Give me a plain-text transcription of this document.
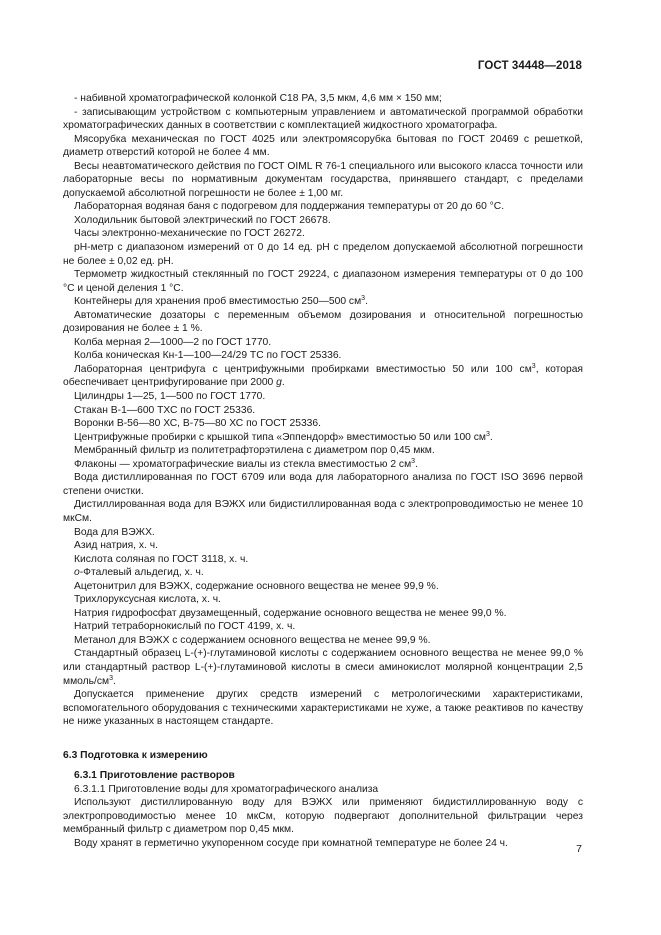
ГОСТ 34448—2018

- набивной хроматографической колонкой С18 РА, 3,5 мкм, 4,6 мм × 150 мм;

- записывающим устройством с компьютерным управлением и автоматической программой обработки хроматографических данных в соответствии с комплектацией жидкостного хроматографа.

Мясорубка механическая по ГОСТ 4025 или электромясорубка бытовая по ГОСТ 20469 с решеткой, диаметр отверстий которой не более 4 мм.

Весы неавтоматического действия по ГОСТ OIML R 76-1 специального или высокого класса точности или лабораторные весы по нормативным документам государства, принявшего стандарт, с пределами допускаемой абсолютной погрешности не более ± 1,00 мг.

Лабораторная водяная баня с подогревом для поддержания температуры от 20 до 60 °С.

Холодильник бытовой электрический по ГОСТ 26678.

Часы электронно-механические по ГОСТ 26272.

рН-метр с диапазоном измерений от 0 до 14 ед. рН с пределом допускаемой абсолютной погрешности не более ± 0,02 ед. рН.

Термометр жидкостный стеклянный по ГОСТ 29224, с диапазоном измерения температуры от 0 до 100 °С и ценой деления 1 °С.

Контейнеры для хранения проб вместимостью 250—500 $см^3$.

Автоматические дозаторы с переменным объемом дозирования и относительной погрешностью дозирования не более ± 1 %.

Колба мерная 2—1000—2 по ГОСТ 1770.

Колба коническая Кн-1—100—24/29 ТС по ГОСТ 25336.

Лабораторная центрифуга с центрифужными пробирками вместимостью 50 или 100 $см^3$, которая обеспечивает центрифугирование при 2000 g.

Цилиндры 1—25, 1—500 по ГОСТ 1770.

Стакан В-1—600 ТХС по ГОСТ 25336.

Воронки В-56—80 ХС, В-75—80 ХС по ГОСТ 25336.

Центрифужные пробирки с крышкой типа «Эппендорф» вместимостью 50 или 100 $см^3$.

Мембранный фильтр из политетрафторэтилена с диаметром пор 0,45 мкм.

Флаконы — хроматографические виалы из стекла вместимостью 2 $см^3$.

Вода дистиллированная по ГОСТ 6709 или вода для лабораторного анализа по ГОСТ ISO 3696 первой степени очистки.

Дистиллированная вода для ВЭЖХ или бидистиллированная вода с электропроводимостью не менее 10 мкСм.

Вода для ВЭЖХ.

Азид натрия, х. ч.

Кислота соляная по ГОСТ 3118, х. ч.

о-Фталевый альдегид, х. ч.

Ацетонитрил для ВЭЖХ, содержание основного вещества не менее 99,9 %.

Трихлоруксусная кислота, х. ч.

Натрия гидрофосфат двузамещенный, содержание основного вещества не менее 99,0 %.

Натрий тетраборнокислый по ГОСТ 4199, х. ч.

Метанол для ВЭЖХ с содержанием основного вещества не менее 99,9 %.

Стандартный образец L-(+)-глутаминовой кислоты с содержанием основного вещества не менее 99,0 % или стандартный раствор L-(+)-глутаминовой кислоты в смеси аминокислот молярной концентрации 2,5 ммоль/$см^3$.

Допускается применение других средств измерений с метрологическими характеристиками, вспомогательного оборудования с техническими характеристиками не хуже, а также реактивов по качеству не ниже указанных в настоящем стандарте.

6.3 Подготовка к измерению

6.3.1 Приготовление растворов

6.3.1.1 Приготовление воды для хроматографического анализа

Используют дистиллированную воду для ВЭЖХ или применяют бидистиллированную воду с электропроводимостью менее 10 мкСм, которую подвергают дополнительной фильтрации через мембранный фильтр с диаметром пор 0,45 мкм.

Воду хранят в герметично укупоренном сосуде при комнатной температуре не более 24 ч.	7
